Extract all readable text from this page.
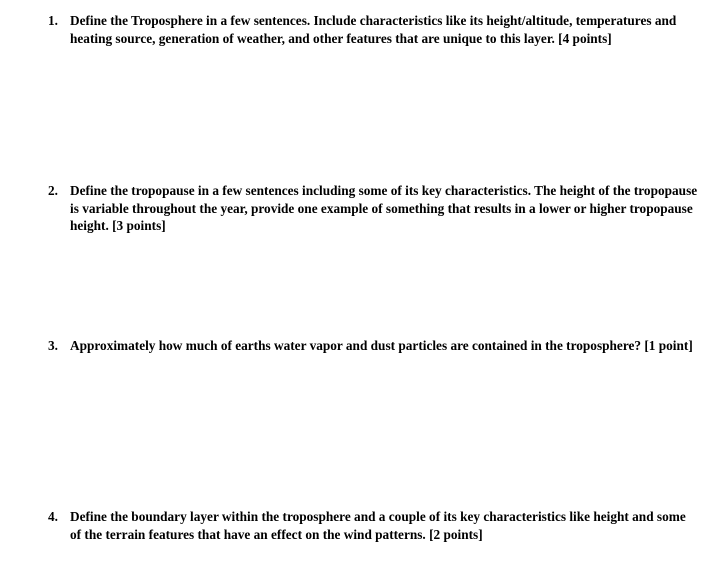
1. Define the Troposphere in a few sentences. Include characteristics like its height/altitude, temperatures and heating source, generation of weather, and other features that are unique to this layer. [4 points]
2. Define the tropopause in a few sentences including some of its key characteristics. The height of the tropopause is variable throughout the year, provide one example of something that results in a lower or higher tropopause height. [3 points]
3. Approximately how much of earths water vapor and dust particles are contained in the troposphere? [1 point]
4. Define the boundary layer within the troposphere and a couple of its key characteristics like height and some of the terrain features that have an effect on the wind patterns. [2 points]
